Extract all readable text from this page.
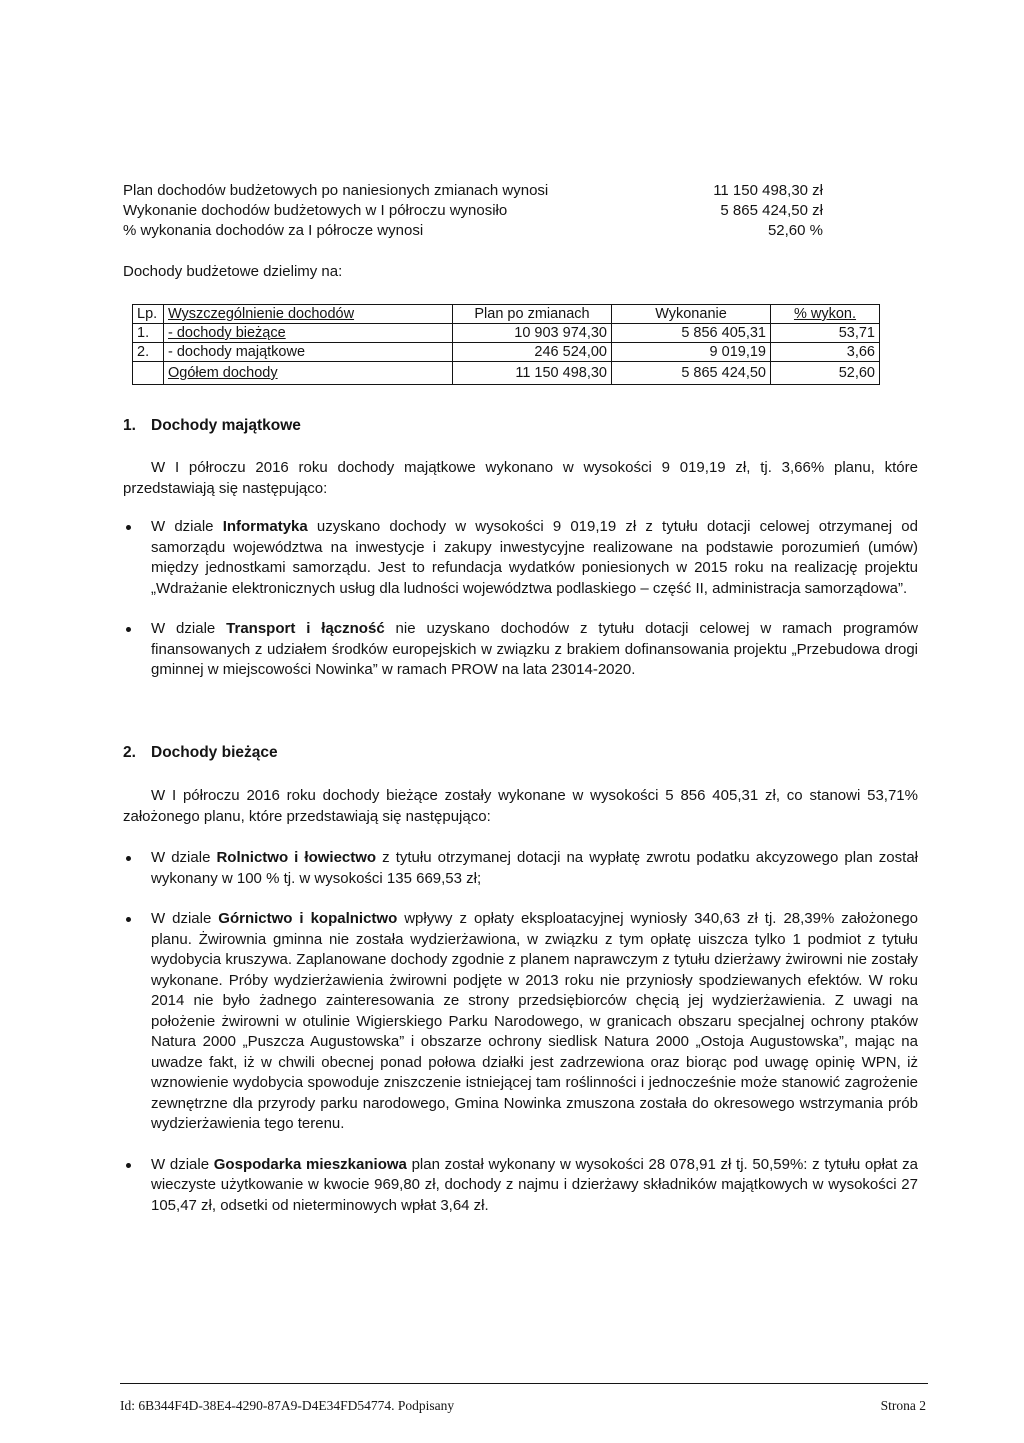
Plan dochodów budżetowych po naniesionych zmianach wynosi	11 150 498,30 zł
Wykonanie dochodów budżetowych w I półroczu wynosiło	5 865 424,50 zł
% wykonania dochodów za I półrocze wynosi	52,60 %
Dochody budżetowe dzielimy na:
Lp.	Wyszczególnienie dochodów	Plan po zmianach	Wykonanie	% wykon.
1.	- dochody bieżące	10 903 974,30	5 856 405,31	53,71
2.	- dochody majątkowe	246 524,00	9 019,19	3,66
	Ogółem dochody	11 150 498,30	5 865 424,50	52,60
1. Dochody majątkowe
W I półroczu 2016 roku dochody majątkowe wykonano w wysokości 9 019,19 zł, tj. 3,66% planu, które przedstawiają się następująco:
W dziale Informatyka uzyskano dochody w wysokości 9 019,19 zł z tytułu dotacji celowej otrzymanej od samorządu województwa na inwestycje i zakupy inwestycyjne realizowane na podstawie porozumień (umów) między jednostkami samorządu. Jest to refundacja wydatków poniesionych w 2015 roku na realizację projektu „Wdrażanie elektronicznych usług dla ludności województwa podlaskiego – część II, administracja samorządowa”.
W dziale Transport i łączność nie uzyskano dochodów z tytułu dotacji celowej w ramach programów finansowanych z udziałem środków europejskich w związku z brakiem dofinansowania projektu „Przebudowa drogi gminnej w miejscowości Nowinka” w ramach PROW na lata 23014-2020.
2. Dochody bieżące
W I półroczu 2016 roku dochody bieżące zostały wykonane w wysokości 5 856 405,31 zł, co stanowi 53,71% założonego planu, które przedstawiają się następująco:
W dziale Rolnictwo i łowiectwo z tytułu otrzymanej dotacji na wypłatę zwrotu podatku akcyzowego plan został wykonany w 100 % tj. w wysokości 135 669,53 zł;
W dziale Górnictwo i kopalnictwo wpływy z opłaty eksploatacyjnej wyniosły 340,63 zł tj. 28,39% założonego planu. Żwirownia gminna nie została wydzierżawiona, w związku z tym opłatę uiszcza tylko 1 podmiot z tytułu wydobycia kruszywa. Zaplanowane dochody zgodnie z planem naprawczym z tytułu dzierżawy żwirowni nie zostały wykonane. Próby wydzierżawienia żwirowni podjęte w 2013 roku nie przyniosły spodziewanych efektów. W roku 2014 nie było żadnego zainteresowania ze strony przedsiębiorców chęcią jej wydzierżawienia. Z uwagi na położenie żwirowni w otulinie Wigierskiego Parku Narodowego, w granicach obszaru specjalnej ochrony ptaków Natura 2000 „Puszcza Augustowska” i obszarze ochrony siedlisk Natura 2000 „Ostoja Augustowska”, mając na uwadze fakt, iż w chwili obecnej ponad połowa działki jest zadrzewiona oraz biorąc pod uwagę opinię WPN, iż wznowienie wydobycia spowoduje zniszczenie istniejącej tam roślinności i jednocześnie może stanowić zagrożenie zewnętrzne dla przyrody parku narodowego, Gmina Nowinka zmuszona została do okresowego wstrzymania prób wydzierżawienia tego terenu.
W dziale Gospodarka mieszkaniowa plan został wykonany w wysokości 28 078,91 zł tj. 50,59%: z tytułu opłat za wieczyste użytkowanie w kwocie 969,80 zł, dochody z najmu i dzierżawy składników majątkowych w wysokości 27 105,47 zł, odsetki od nieterminowych wpłat 3,64 zł.
Id: 6B344F4D-38E4-4290-87A9-D4E34FD54774. Podpisany	Strona 2
